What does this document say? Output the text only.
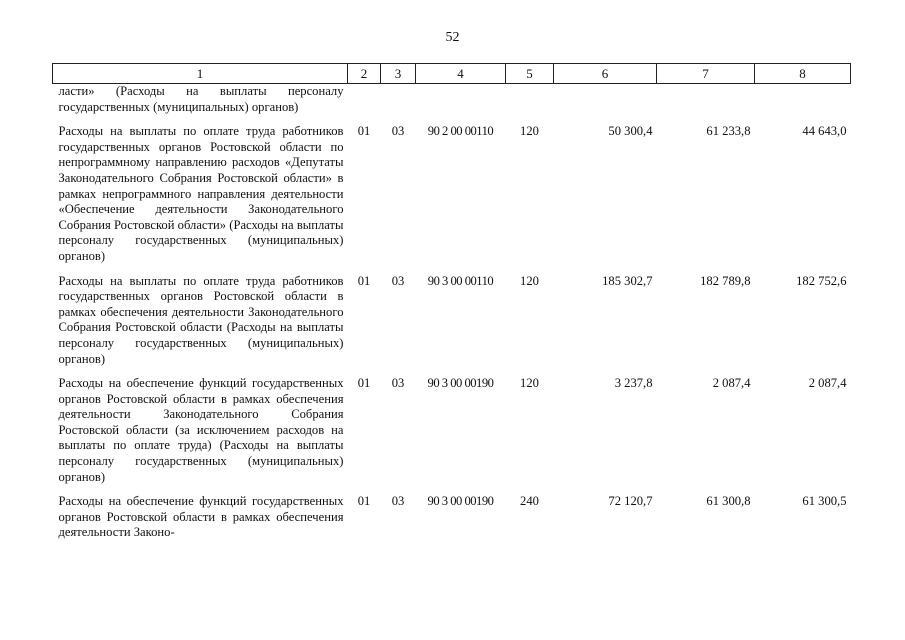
52
1	2	3	4	5	6	7	8
ласти» (Расходы на выплаты персоналу государственных (муниципальных) органов)							
Расходы на выплаты по оплате труда работников государственных органов Ростовской области по непрограммному направлению расходов «Депутаты Законодательного Собрания Ростовской области» в рамках непрограммного направления деятельности «Обеспечение деятельности Законодательного Собрания Ростовской области» (Расходы на выплаты персоналу государственных (муниципальных) органов)	01	03	90 2 00 00110	120	50 300,4	61 233,8	44 643,0
Расходы на выплаты по оплате труда работников государственных органов Ростовской области в рамках обеспечения деятельности Законодательного Собрания Ростовской области (Расходы на выплаты персоналу государственных (муниципальных) органов)	01	03	90 3 00 00110	120	185 302,7	182 789,8	182 752,6
Расходы на обеспечение функций государственных органов Ростовской области в рамках обеспечения деятельности Законодательного Собрания Ростовской области (за исключением расходов на выплаты по оплате труда) (Расходы на выплаты персоналу государственных (муниципальных) органов)	01	03	90 3 00 00190	120	3 237,8	2 087,4	2 087,4
Расходы на обеспечение функций государственных органов Ростовской области в рамках обеспечения деятельности Законо-	01	03	90 3 00 00190	240	72 120,7	61 300,8	61 300,5
